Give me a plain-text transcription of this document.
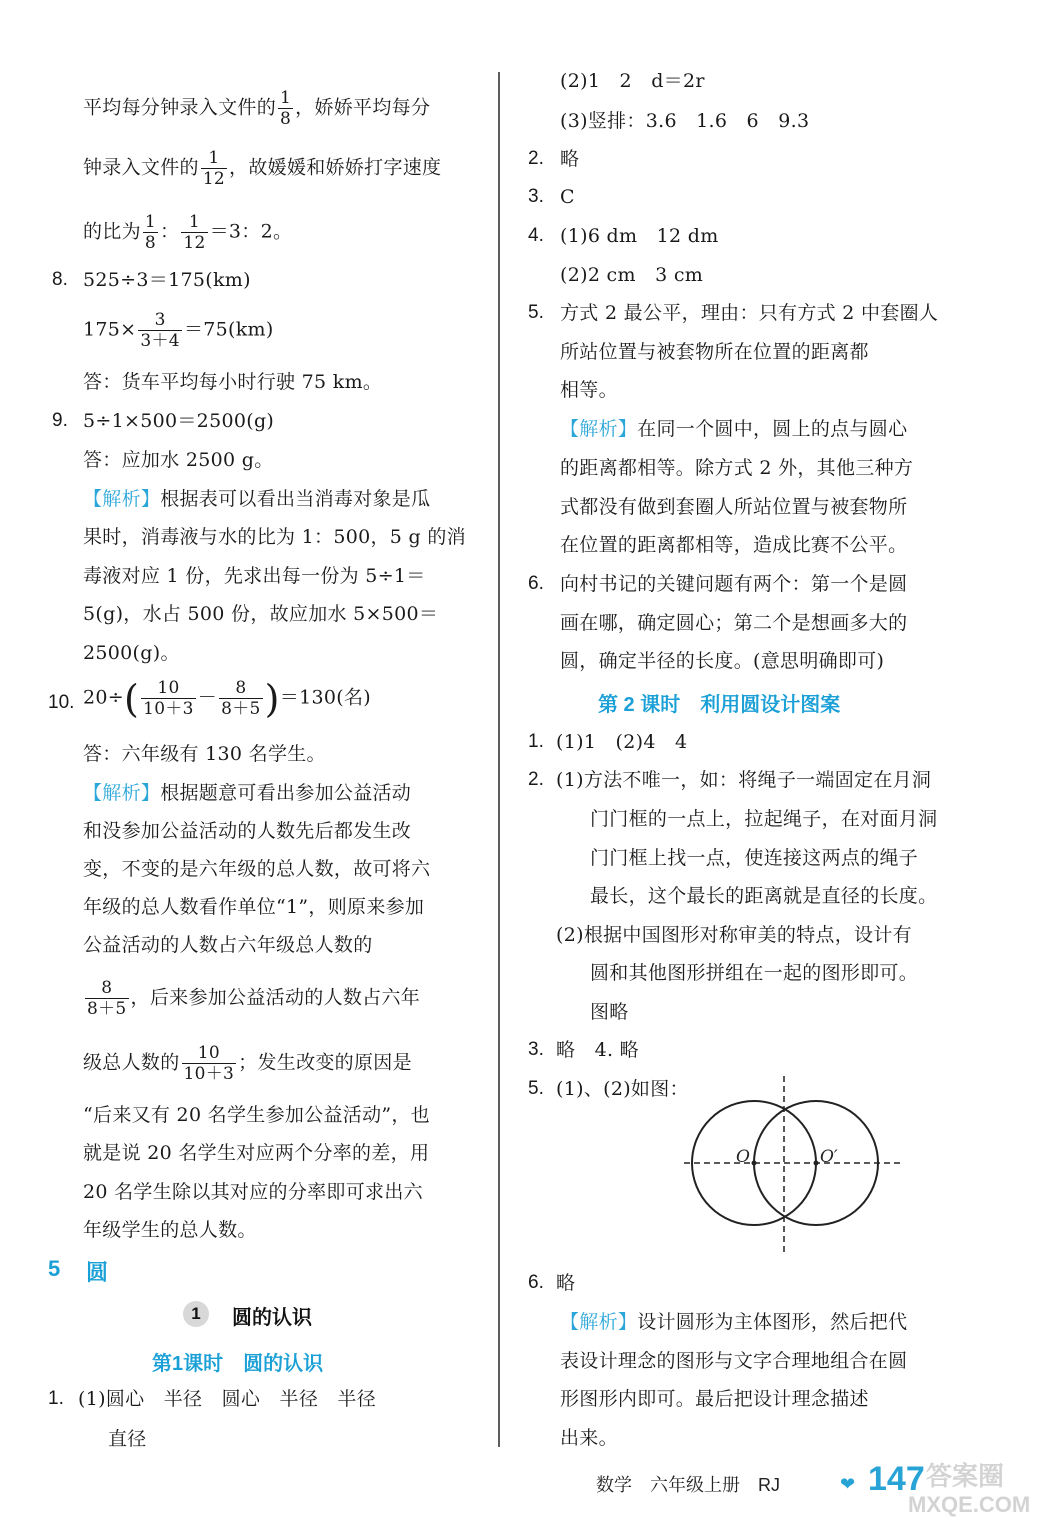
平均每分钟录入文件的 $\frac{1}{8}$ ，娇娇平均每分
钟录入文件的 $\frac{1}{12}$ ，故媛媛和娇娇打字速度
的比为 $\frac{1}{8}$ ： $\frac{1}{12} =3$：2。
8. 525÷3＝175(km)
$175\times \frac{3}{3+4} =75(km)$
答：货车平均每小时行驶 75 km。
9. 5÷1×500＝2500(g)
答：应加水 2500 g。
【解析】根据表可以看出当消毒对象是瓜
果时，消毒液与水的比为 1：500，5 g 的消
毒液对应 1 份，先求出每一份为 5÷1＝
5(g)，水占 500 份，故应加水 5×500＝
2500(g)。
10. $20\div( \frac{10}{10+3} - \frac{8}{8+5} )=130$(名)
答：六年级有 130 名学生。
【解析】根据题意可看出参加公益活动
和没参加公益活动的人数先后都发生改
变，不变的是六年级的总人数，故可将六
年级的总人数看作单位“1”，则原来参加
公益活动的人数占六年级总人数的
$\frac{8}{8+5}$ ，后来参加公益活动的人数占六年
级总人数的 $\frac{10}{10+3}$ ；发生改变的原因是
“后来又有 20 名学生参加公益活动”，也
就是说 20 名学生对应两个分率的差，用
20 名学生除以其对应的分率即可求出六
年级学生的总人数。
5 圆
1	圆的认识
第1课时　圆的认识
1. (1)圆心　半径　圆心　半径　半径
直径
(2)1　2　d＝2r
(3)竖排：3.6　1.6　6　9.3
2. 略
3. C
4. (1)6 dm　12 dm
(2)2 cm　3 cm
5. 方式 2 最公平，理由：只有方式 2 中套圈人
所站位置与被套物所在位置的距离都
相等。
【解析】在同一个圆中，圆上的点与圆心
的距离都相等。除方式 2 外，其他三种方
式都没有做到套圈人所站位置与被套物所
在位置的距离都相等，造成比赛不公平。
6. 向村书记的关键问题有两个：第一个是圆
画在哪，确定圆心；第二个是想画多大的
圆，确定半径的长度。(意思明确即可)
第 2 课时　利用圆设计图案
1. (1)1　(2)4　4
2. (1)方法不唯一，如：将绳子一端固定在月洞
门门框的一点上，拉起绳子，在对面月洞
门门框上找一点，使连接这两点的绳子
最长，这个最长的距离就是直径的长度。
(2)根据中国图形对称审美的特点，设计有
圆和其他图形拼组在一起的图形即可。
图略
3. 略　4. 略
5. (1)、(2)如图：
O	O′
6. 略
【解析】设计圆形为主体图形，然后把代
表设计理念的图形与文字合理地组合在圆
形图形内即可。最后把设计理念描述
出来。
数学　六年级上册　RJ	❤ 147 答案圈
MXQE.COM
